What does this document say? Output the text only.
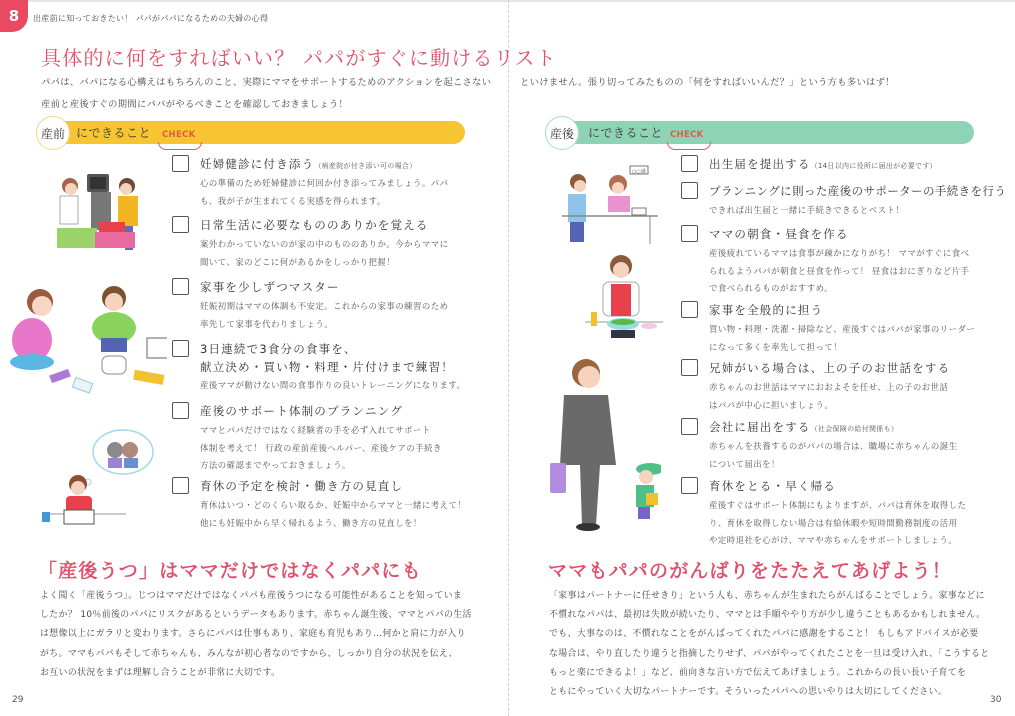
8	出産前に知っておきたい！ パパがパパになるための夫婦の心得
具体的に何をすればいい？ パパがすぐに動けるリスト
パパは、パパになる心構えはもちろんのこと、実際にママをサポートするためのアクションを起こさない
産前と産後すぐの期間にパパがやるべきことを確認しておきましょう！
産前 にできること CHECK
妊婦健診に付き添う（病産院が付き添い可の場合）
心の準備のため妊婦健診に何回か付き添ってみましょう。パパ
も、我が子が生まれてくる実感を得られます。
日常生活に必要なもののありかを覚える
案外わかっていないのが家の中のもののありか。今からママに
聞いて、家のどこに何があるかをしっかり把握！
家事を少しずつマスター
妊娠初期はママの体調も不安定。これからの家事の練習のため
率先して家事を代わりましょう。
3日連続で3食分の食事を、
献立決め・買い物・料理・片付けまで練習！
産後ママが動けない間の食事作りの良いトレーニングになります。
産後のサポート体制のプランニング
ママとパパだけではなく経験者の手を必ず入れてサポート
体制を考えて！ 行政の産前産後ヘルパー、産後ケアの手続き
方法の確認までやっておきましょう。
育休の予定を検討・働き方の見直し
育休はいつ・どのくらい取るか、妊娠中からママと一緒に考えて！
他にも妊娠中から早く帰れるよう、働き方の見直しを！
「産後うつ」はママだけではなくパパにも
よく聞く「産後うつ」。じつはママだけではなくパパも産後うつになる可能性があることを知っていま
したか？ 10％前後のパパにリスクがあるというデータもあります。赤ちゃん誕生後、ママとパパの生活
は想像以上にガラリと変わります。さらにパパは仕事もあり、家庭も育児もあり…何かと肩に力が入り
がち。ママもパパもそして赤ちゃんも、みんなが初心者なのですから、しっかり自分の状況を伝え、
お互いの状況をまずは理解し合うことが非常に大切です。
29
といけません。張り切ってみたものの「何をすればいいんだ？」という方も多いはず！
産後	にできること CHECK
○○課
出生届を提出する（14日以内に役所に届出が必要です）
プランニングに則った産後のサポーターの手続きを行う
できれば出生届と一緒に手続きできるとベスト！
ママの朝食・昼食を作る
産後疲れているママは食事が疎かになりがち！ ママがすぐに食べ
られるようパパが朝食と昼食を作って！ 昼食はおにぎりなど片手
で食べられるものがおすすめ。
家事を全般的に担う
買い物・料理・洗濯・掃除など、産後すぐはパパが家事のリーダー
になって多くを率先して担って！
兄姉がいる場合は、上の子のお世話をする
赤ちゃんのお世話はママにおおよそを任せ、上の子のお世話
はパパが中心に担いましょう。
会社に届出をする（社会保険の給付関係も）
赤ちゃんを扶養するのがパパの場合は、職場に赤ちゃんの誕生
について届出を！
育休をとる・早く帰る
産後すぐはサポート体制にもよりますが、パパは育休を取得した
り、育休を取得しない場合は有給休暇や短時間勤務制度の活用
や定時退社を心がけ、ママや赤ちゃんをサポートしましょう。
ママもパパのがんばりをたたえてあげよう！
「家事はパートナーに任せきり」という人も、赤ちゃんが生まれたらがんばることでしょう。家事などに
不慣れなパパは、最初は失敗が続いたり、ママとは手順ややり方が少し違うこともあるかもしれません。
でも、大事なのは、不慣れなことをがんばってくれたパパに感謝をすること！ もしもアドバイスが必要
な場合は、やり直したり違うと指摘したりせず、パパがやってくれたことを一旦は受け入れ、「こうすると
もっと楽にできるよ！」など、前向きな言い方で伝えてあげましょう。これからの長い長い子育てを
ともにやっていく大切なパートナーです。そういったパパへの思いやりは大切にしてください。
30
